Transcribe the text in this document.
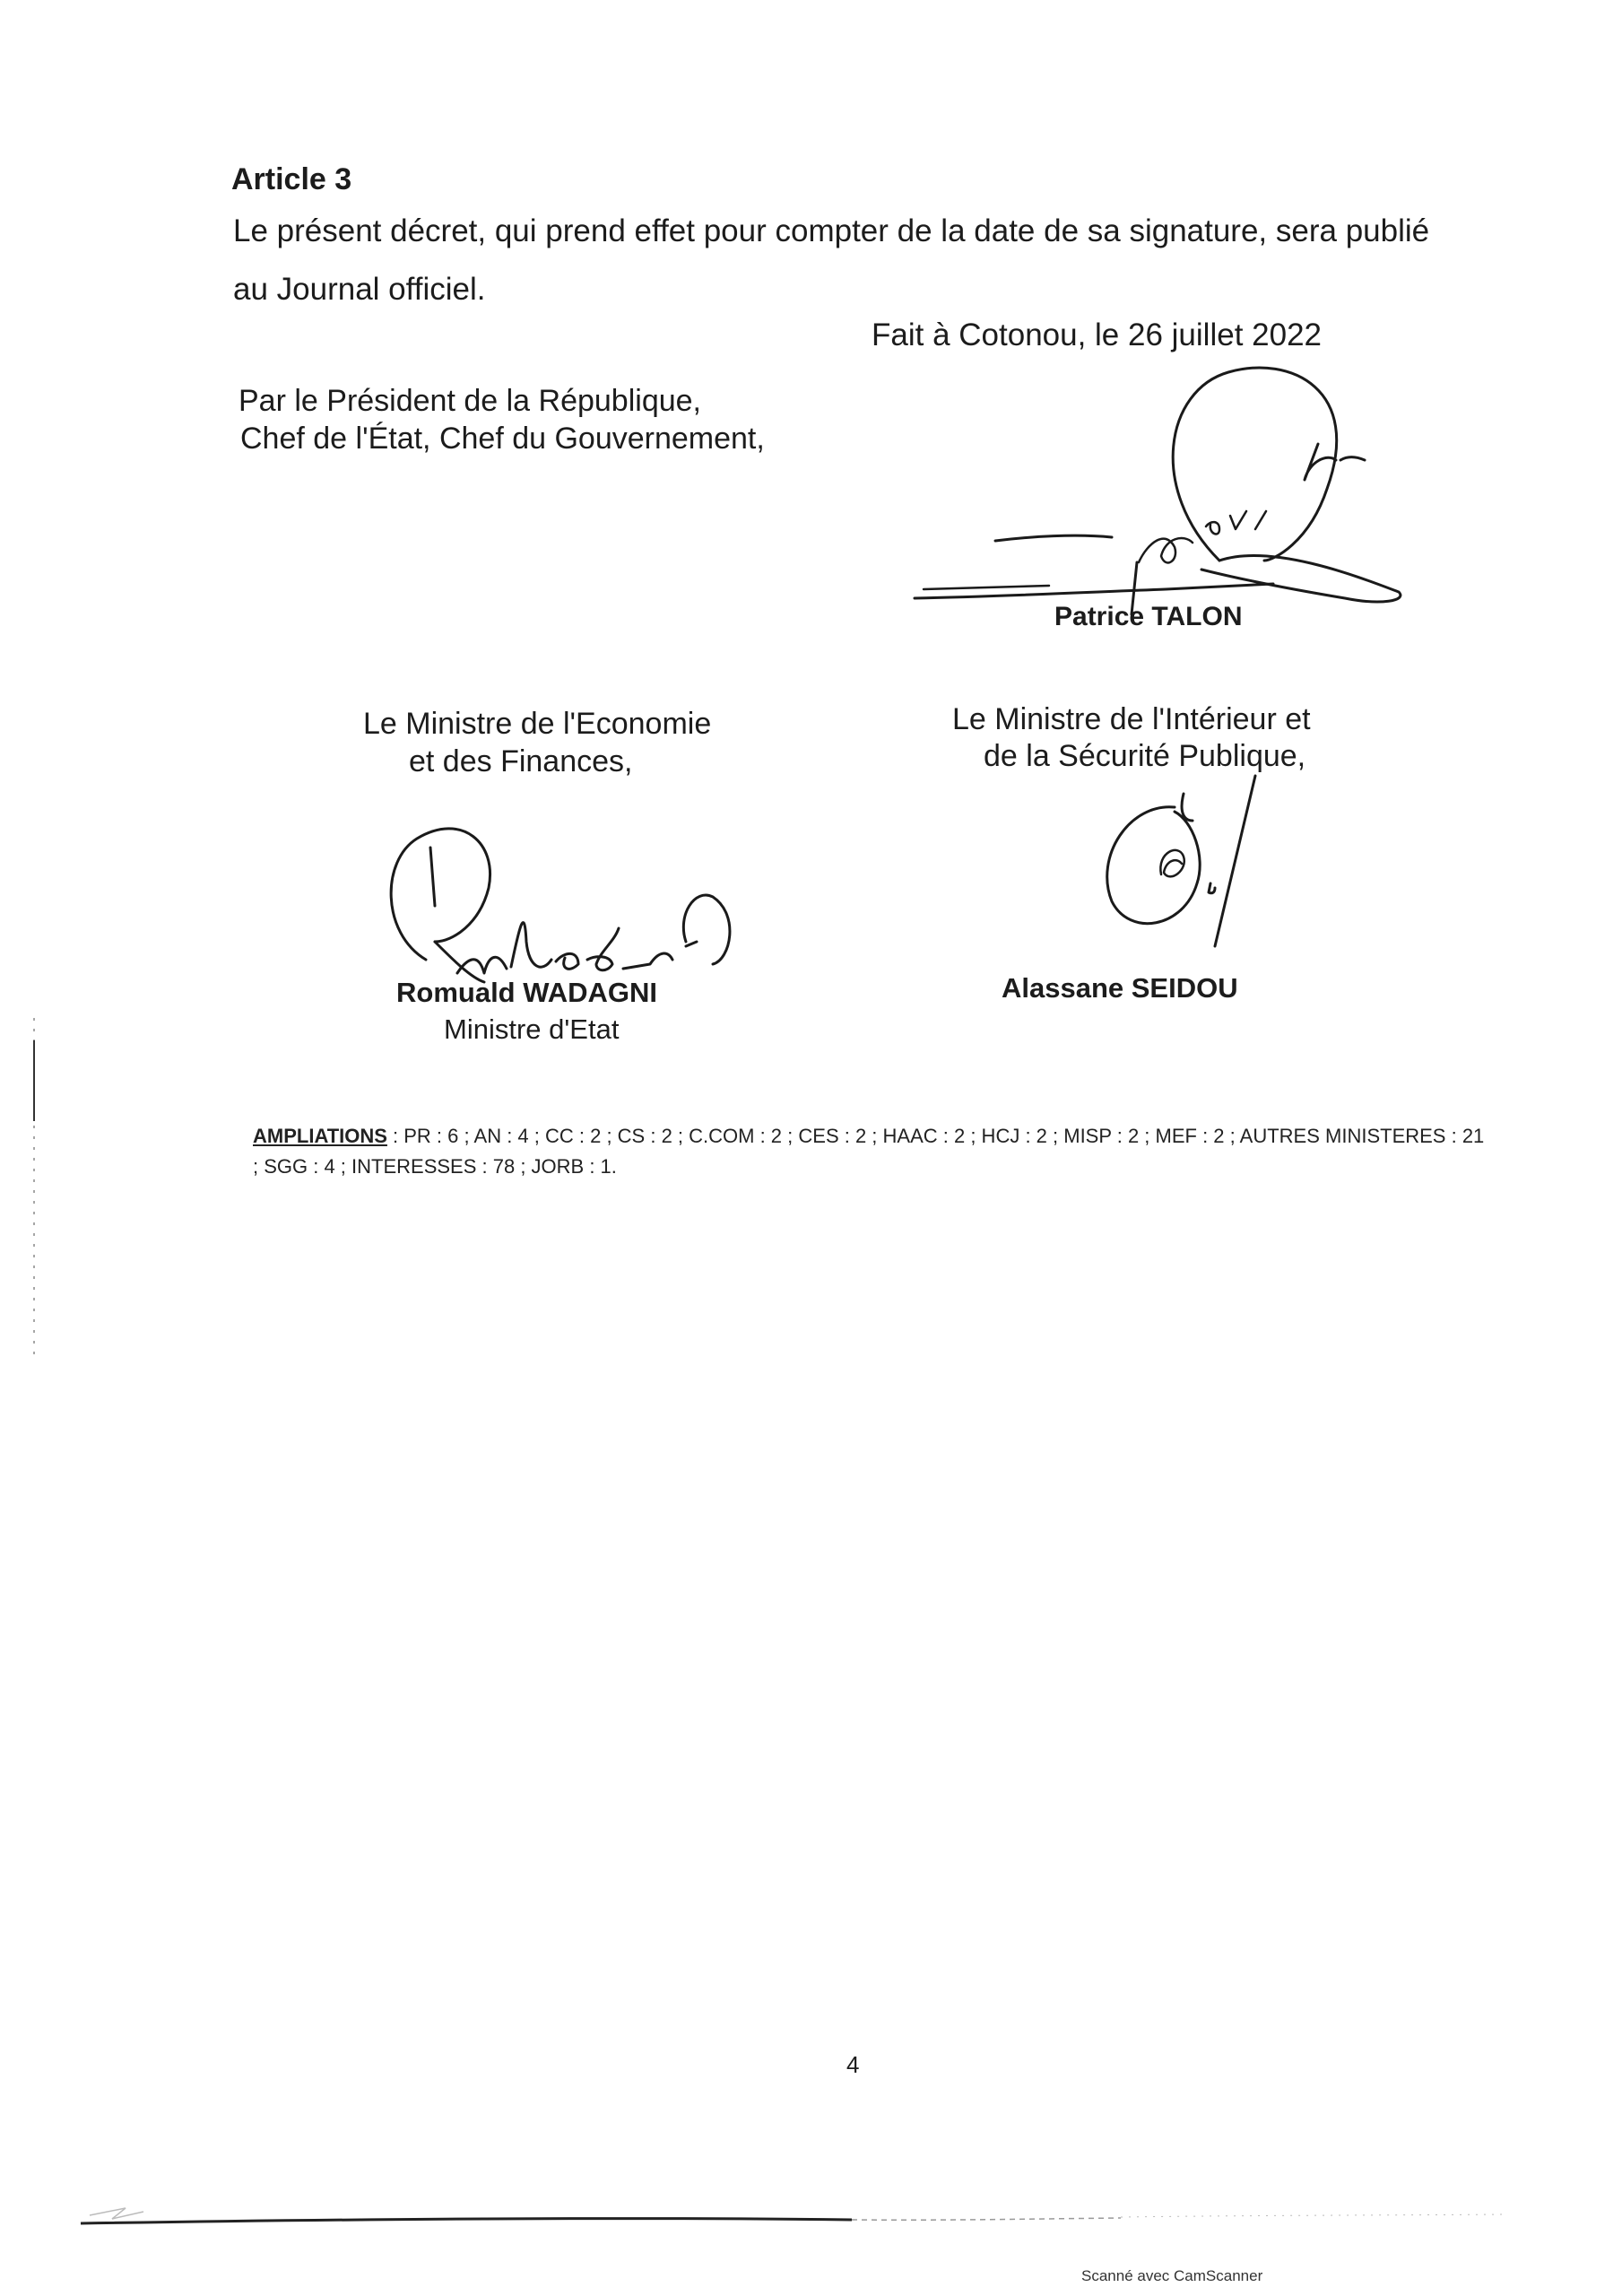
Article 3
Le présent décret, qui prend effet pour compter de la date de sa signature, sera publié
au Journal officiel.
Fait à Cotonou, le 26 juillet 2022
Par le Président de la République,
Chef de l'État, Chef du Gouvernement,
Patrice TALON
Le Ministre de l'Economie
et des Finances,
Le Ministre de l'Intérieur et
de la Sécurité Publique,
Romuald WADAGNI
Ministre d'Etat
Alassane SEIDOU
AMPLIATIONS : PR : 6 ; AN : 4 ; CC : 2 ; CS : 2 ; C.COM : 2 ; CES : 2 ; HAAC : 2 ; HCJ : 2 ; MISP : 2 ; MEF : 2 ; AUTRES MINISTERES : 21 ; SGG : 4 ; INTERESSES : 78 ; JORB : 1.
4
Scanné avec CamScanner
